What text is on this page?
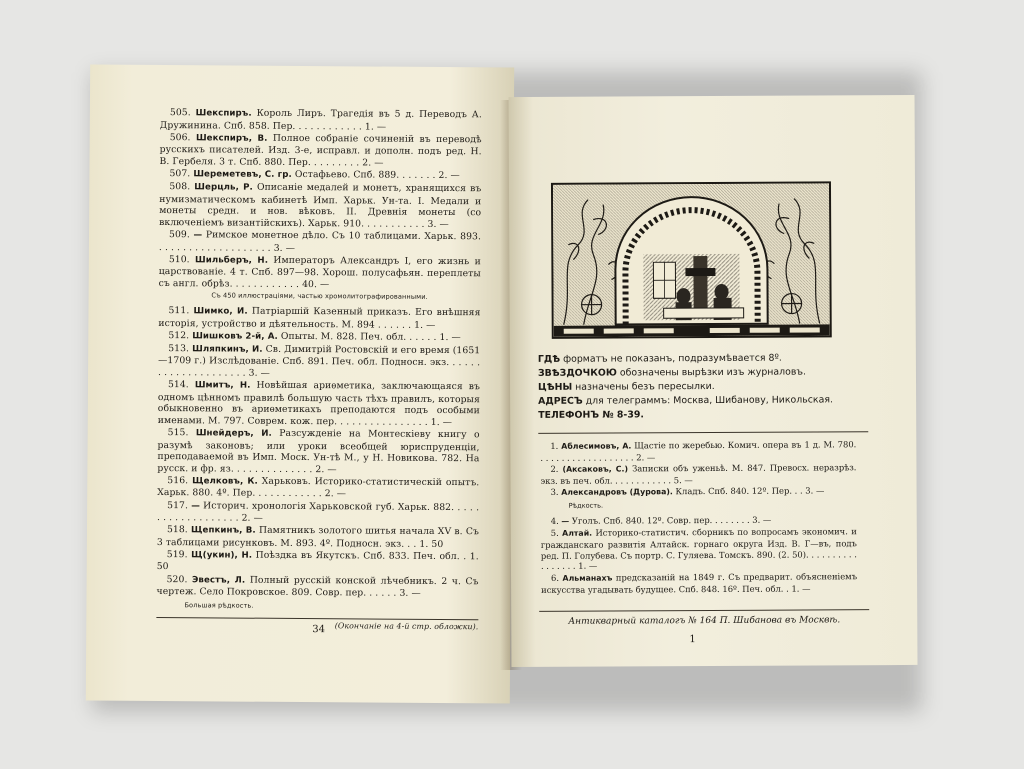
505. Шекспиръ. Король Лиръ. Трагедія въ 5 д. Переводъ А. Дружинина. Спб. 858. Пер. . . . . . . . . . . . 1. —
506. Шекспиръ, В. Полное собраніе сочиненій въ переводѣ русскихъ писателей. Изд. 3-е, исправл. и дополн. подъ ред. Н. В. Гербеля. 3 т. Спб. 880. Пер. . . . . . . . . 2. —
507. Шереметевъ, С. гр. Остафьево. Спб. 889. . . . . . . 2. —
508. Шерцль, Р. Описаніе медалей и монетъ, хранящихся въ нумизматическомъ кабинетѣ Имп. Харьк. Ун-та. I. Медали и монеты средн. и нов. вѣковъ. II. Древнія монеты (со включеніемъ византійскихъ). Харьк. 910. . . . . . . . . . . 3. —
509. — Римское монетное дѣло. Съ 10 таблицами. Харьк. 893. . . . . . . . . . . . . . . . . . . . 3. —
510. Шильберъ, Н. Императоръ Александръ I, его жизнь и царствованіе. 4 т. Спб. 897—98. Хорош. полусафьян. переплеты съ англ. обрѣз. . . . . . . . . . . . 40. —
Съ 450 иллюстраціями, частью хромолитографированными.
511. Шимко, И. Патріаршій Казенный приказъ. Его внѣшняя исторія, устройство и дѣятельность. М. 894 . . . . . . 1. —
512. Шишковъ 2-й, А. Опыты. М. 828. Печ. обл. . . . . . 1. —
513. Шляпкинъ, И. Св. Димитрій Ростовскій и его время (1651—1709 г.) Изслѣдованіе. Спб. 891. Печ. обл. Подносн. экз. . . . . . . . . . . . . . . . . . . . . 3. —
514. Шмитъ, Н. Новѣйшая ариѳметика, заключающаяся въ одномъ цѣнномъ правилѣ большую часть тѣхъ правилъ, которыя обыкновенно въ ариѳметикахъ преподаются подъ особыми именами. М. 797. Соврем. кож. пер. . . . . . . . . . . . . . . . 1. —
515. Шнейдеръ, И. Разсужденіе на Монтескіеву книгу о разумѣ законовъ; или уроки всеобщей юриспруденціи, преподаваемой въ Имп. Моск. Ун-тѣ М., у Н. Новикова. 782. На русск. и фр. яз. . . . . . . . . . . . . . 2. —
516. Щелковъ, К. Харьковъ. Историко-статистическій опытъ. Харьк. 880. 4º. Пер. . . . . . . . . . . . 2. —
517. — Историч. хронологія Харьковской губ. Харьк. 882. . . . . . . . . . . . . . . . . . . 2. —
518. Щепкинъ, В. Памятникъ золотого шитья начала XV в. Съ 3 таблицами рисунковъ. М. 893. 4º. Подносн. экз. . . 1. 50
519. Щ(укин), Н. Поѣздка въ Якутскъ. Спб. 833. Печ. обл. . 1. 50
520. Эвестъ, Л. Полный русскій конской лѣчебникъ. 2 ч. Съ чертеж. Село Покровское. 809. Совр. пер. . . . . . 3. —
Большая рѣдкость.
(Окончаніе на 4-й стр. обложки).
34
ГДѢ форматъ не показанъ, подразумѣвается 8º.
ЗВѢЗДОЧКОЮ обозначены вырѣзки изъ журналовъ.
ЦѢНЫ назначены безъ пересылки.
АДРЕСЪ для телеграммъ: Москва, Шибанову, Никольская.
ТЕЛЕФОНЪ № 8-39.
1. Аблесимовъ, А. Щастіе по жеребью. Комич. опера въ 1 д. М. 780. . . . . . . . . . . . . . . . . . . 2. —
2. (Аксаковъ, С.) Записки объ уженьѣ. М. 847. Превосх. неразрѣз. экз. въ печ. обл. . . . . . . . . . . . 5. —
3. Александровъ (Дурова). Кладъ. Спб. 840. 12º. Пер. . . 3. —
Рѣдкость.
4. — Уголъ. Спб. 840. 12º. Совр. пер. . . . . . . . 3. —
5. Алтай. Историко-статистич. сборникъ по вопросамъ экономич. и гражданскаго развитія Алтайск. горнаго округа Изд. В. Г—въ, подъ ред. П. Голубева. Съ портр. С. Гуляева. Томскъ. 890. (2. 50). . . . . . . . . . . . . . . . . 1. —
6. Альманахъ предсказаній на 1849 г. Съ предварит. объясненіемъ искусства угадывать будущее. Спб. 848. 16º. Печ. обл. . 1. —
Антикварный каталогъ № 164 П. Шибанова въ Москвѣ.
1
